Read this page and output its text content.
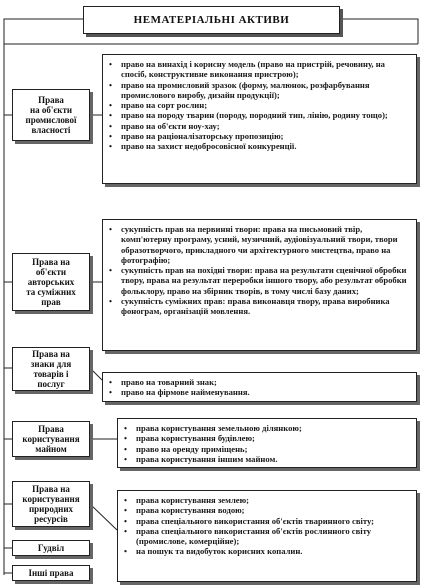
НЕМАТЕРІАЛЬНІ АКТИВИ
Права
на об'єкти
промислової
власності
• право на винахід і корисну модель (право на пристрій, речовину, на спосіб, конструктивне виконання пристрою);
• право на промисловий зразок (форму, малюнок, розфарбування промислового виробу, дизайн продукції);
• право на сорт рослин;
• право на породу тварин (породу, породний тип, лінію, родину тощо);
• право на об'єкти ноу-хау;
• право на раціоналізаторську пропозицію;
• право на захист недобросовісної конкуренції.
Права на
об'єкти
авторських
та суміжних
прав
• сукупність прав на первинні твори: права на письмовий твір, комп'ютерну програму, усний, музичний, аудіовізуальний твори, твори образотворчого, прикладного чи архітектурного мистецтва, право на фотографію;
• сукупність прав на похідні твори: права на результати сценічної обробки твору, права на результат переробки іншого твору, або результат обробки фольклору, право на збірник творів, в тому числі базу даних;
• сукупність суміжних прав: права виконавця твору, права виробника фонограм, організацій мовлення.
Права на
знаки для
товарів і
послуг	• право на товарний знак;
• право на фірмове найменування.
Права
користування
майном
• права користування земельною ділянкою;
• права користування будівлею;
• право на оренду приміщень;
• права користування іншим майном.
Права на
користування
природних
ресурсів
• права користування землею;
• права користування водою;
• права спеціального використання об'єктів тваринного світу;
• права спеціального використання об'єктів рослинного світу (промислове, комерційне);
• на пошук та видобуток корисних копалин.
Гудвіл
Інші права
